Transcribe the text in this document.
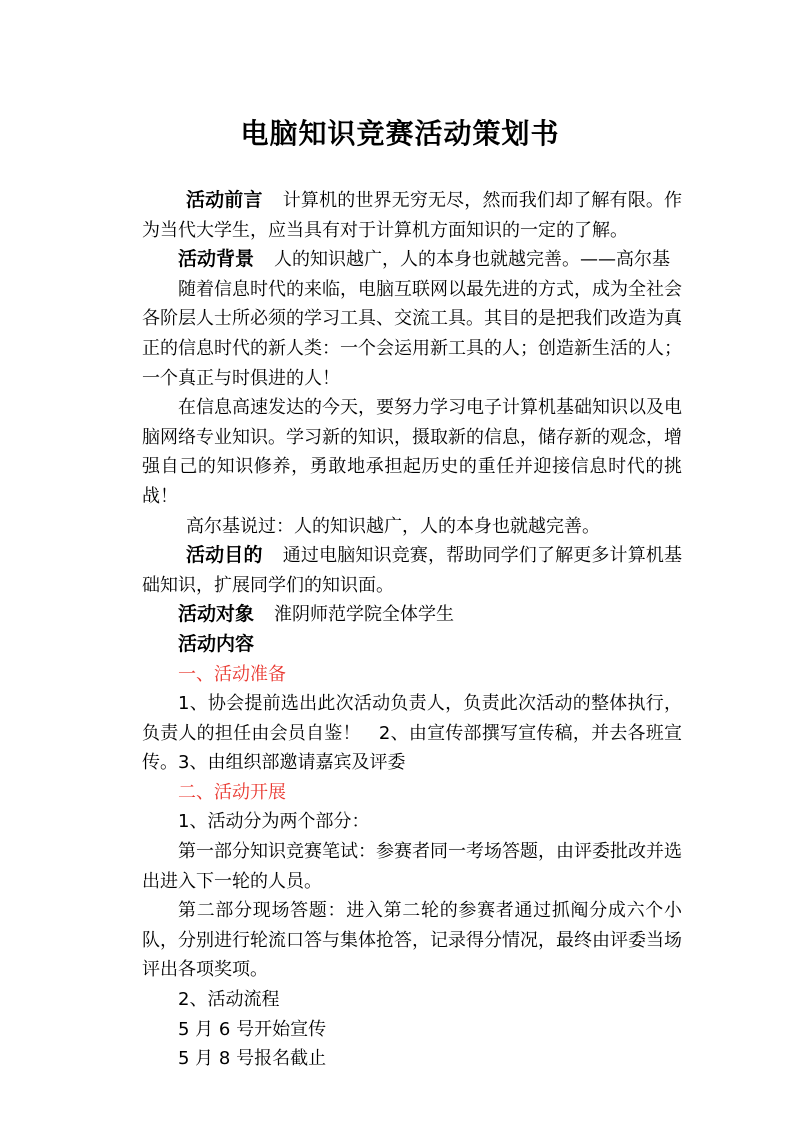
电脑知识竞赛活动策划书

活动前言 计算机的世界无穷无尽，然而我们却了解有限。作为当代大学生，应当具有对于计算机方面知识的一定的了解。

活动背景 人的知识越广，人的本身也就越完善。——高尔基

随着信息时代的来临，电脑互联网以最先进的方式，成为全社会各阶层人士所必须的学习工具、交流工具。其目的是把我们改造为真正的信息时代的新人类：一个会运用新工具的人；创造新生活的人；一个真正与时俱进的人！

在信息高速发达的今天，要努力学习电子计算机基础知识以及电脑网络专业知识。学习新的知识，摄取新的信息，储存新的观念，增强自己的知识修养，勇敢地承担起历史的重任并迎接信息时代的挑战！

高尔基说过：人的知识越广，人的本身也就越完善。

活动目的 通过电脑知识竞赛，帮助同学们了解更多计算机基础知识，扩展同学们的知识面。

活动对象 淮阴师范学院全体学生

活动内容

一、活动准备

1、协会提前选出此次活动负责人，负责此次活动的整体执行，负责人的担任由会员自鉴！　2、由宣传部撰写宣传稿，并去各班宣传。3、由组织部邀请嘉宾及评委

二、活动开展

1、活动分为两个部分：

第一部分知识竞赛笔试：参赛者同一考场答题，由评委批改并选出进入下一轮的人员。

第二部分现场答题：进入第二轮的参赛者通过抓阄分成六个小队，分别进行轮流口答与集体抢答，记录得分情况，最终由评委当场评出各项奖项。

2、活动流程

5 月 6 号开始宣传

5 月 8 号报名截止
